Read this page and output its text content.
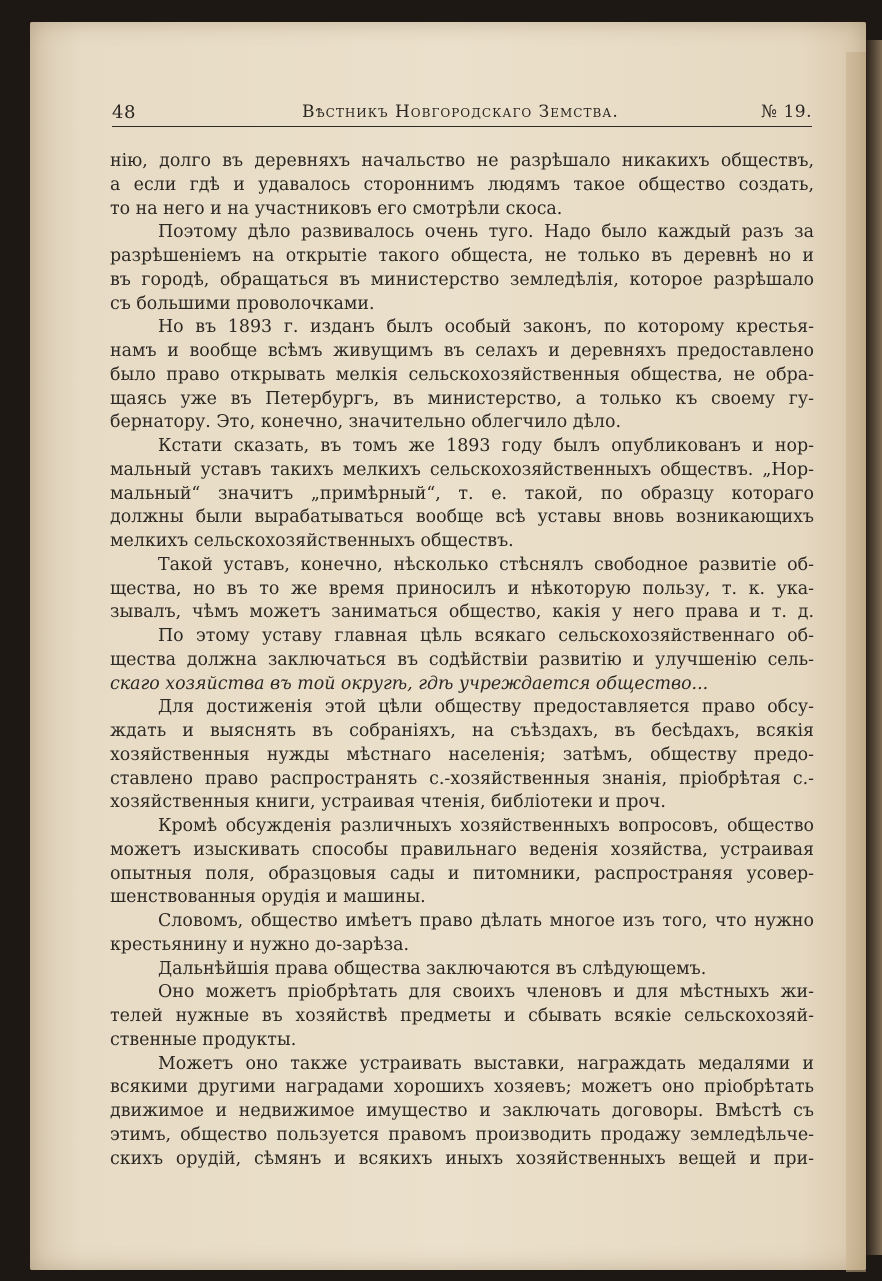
48	Вѣстникъ Новгородскаго Земства.	№ 19.
нію, долго въ деревняхъ начальство не разрѣшало никакихъ обществъ,
а если гдѣ и удавалось стороннимъ людямъ такое общество создать,
то на него и на участниковъ его смотрѣли скоса.
Поэтому дѣло развивалось очень туго. Надо было каждый разъ за
разрѣшеніемъ на открытіе такого общеста, не только въ деревнѣ но и
въ городѣ, обращаться въ министерство земледѣлія, которое разрѣшало
съ большими проволочками.
Но въ 1893 г. изданъ былъ особый законъ, по которому крестья-
намъ и вообще всѣмъ живущимъ въ селахъ и деревняхъ предоставлено
было право открывать мелкія сельскохозяйственныя общества, не обра-
щаясь уже въ Петербургъ, въ министерство, а только къ своему гу-
бернатору. Это, конечно, значительно облегчило дѣло.
Кстати сказать, въ томъ же 1893 году былъ опубликованъ и нор-
мальный уставъ такихъ мелкихъ сельскохозяйственныхъ обществъ. „Нор-
мальный“ значитъ „примѣрный“, т. е. такой, по образцу котораго
должны были вырабатываться вообще всѣ уставы вновь возникающихъ
мелкихъ сельскохозяйственныхъ обществъ.
Такой уставъ, конечно, нѣсколько стѣснялъ свободное развитіе об-
щества, но въ то же время приносилъ и нѣкоторую пользу, т. к. ука-
зывалъ, чѣмъ можетъ заниматься общество, какія у него права и т. д.
По этому уставу главная цѣль всякаго сельскохозяйственнаго об-
щества должна заключаться въ содѣйствіи развитію и улучшенію сель-
скаго хозяйства въ той округѣ, гдѣ учреждается общество...
Для достиженія этой цѣли обществу предоставляется право обсу-
ждать и выяснять въ собраніяхъ, на съѣздахъ, въ бесѣдахъ, всякія
хозяйственныя нужды мѣстнаго населенія; затѣмъ, обществу предо-
ставлено право распространять с.-хозяйственныя знанія, пріобрѣтая с.-
хозяйственныя книги, устраивая чтенія, библіотеки и проч.
Кромѣ обсужденія различныхъ хозяйственныхъ вопросовъ, общество
можетъ изыскивать способы правильнаго веденія хозяйства, устраивая
опытныя поля, образцовыя сады и питомники, распространяя усовер-
шенствованныя орудія и машины.
Словомъ, общество имѣетъ право дѣлать многое изъ того, что нужно
крестьянину и нужно до-зарѣза.
Дальнѣйшія права общества заключаются въ слѣдующемъ.
Оно можетъ пріобрѣтать для своихъ членовъ и для мѣстныхъ жи-
телей нужные въ хозяйствѣ предметы и сбывать всякіе сельскохозяй-
ственные продукты.
Можетъ оно также устраивать выставки, награждать медалями и
всякими другими наградами хорошихъ хозяевъ; можетъ оно пріобрѣтать
движимое и недвижимое имущество и заключать договоры. Вмѣстѣ съ
этимъ, общество пользуется правомъ производить продажу земледѣльче-
скихъ орудій, сѣмянъ и всякихъ иныхъ хозяйственныхъ вещей и при-
